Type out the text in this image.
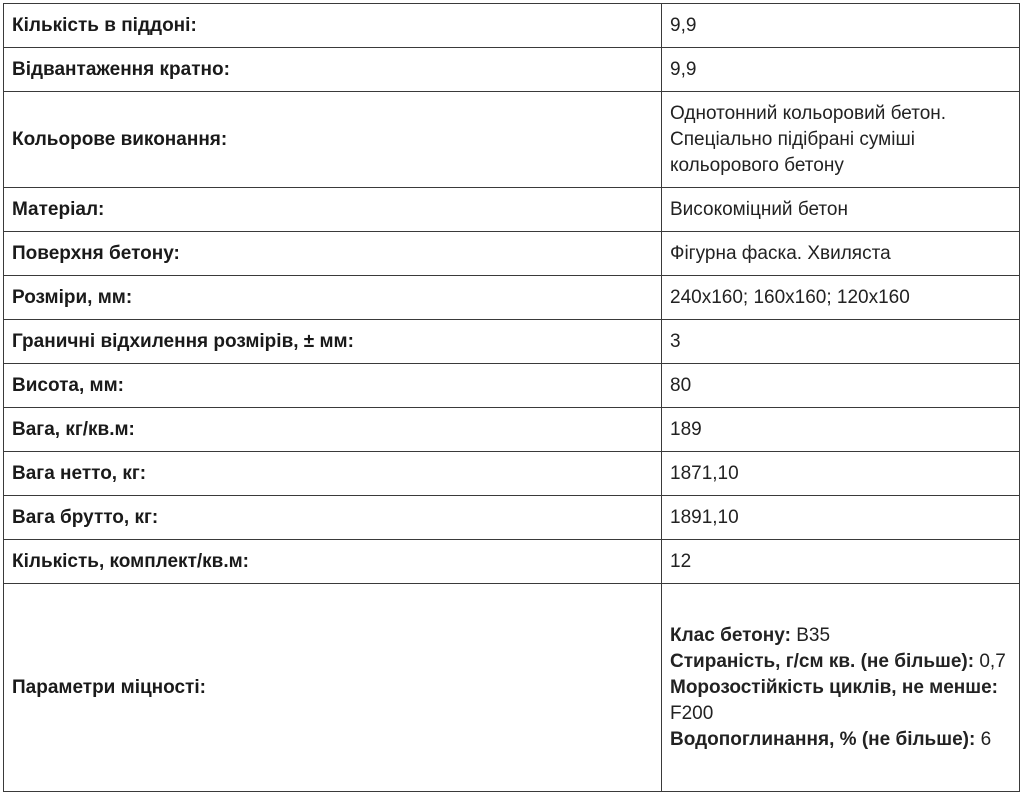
Кількість в піддоні:	9,9
Відвантаження кратно:	9,9
Кольорове виконання:	Однотонний кольоровий бетон. Спеціально підібрані суміші кольорового бетону
Матеріал:	Високоміцний бетон
Поверхня бетону:	Фігурна фаска. Хвиляста
Розміри, мм:	240x160; 160x160; 120x160
Граничні відхилення розмірів, ± мм:	3
Висота, мм:	80
Вага, кг/кв.м:	189
Вага нетто, кг:	1871,10
Вага брутто, кг:	1891,10
Кількість, комплект/кв.м:	12
Параметри міцності:	Клас бетону: B35
Стираність, г/см кв. (не більше): 0,7
Морозостійкість циклів, не менше: F200
Водопоглинання, % (не більше): 6
